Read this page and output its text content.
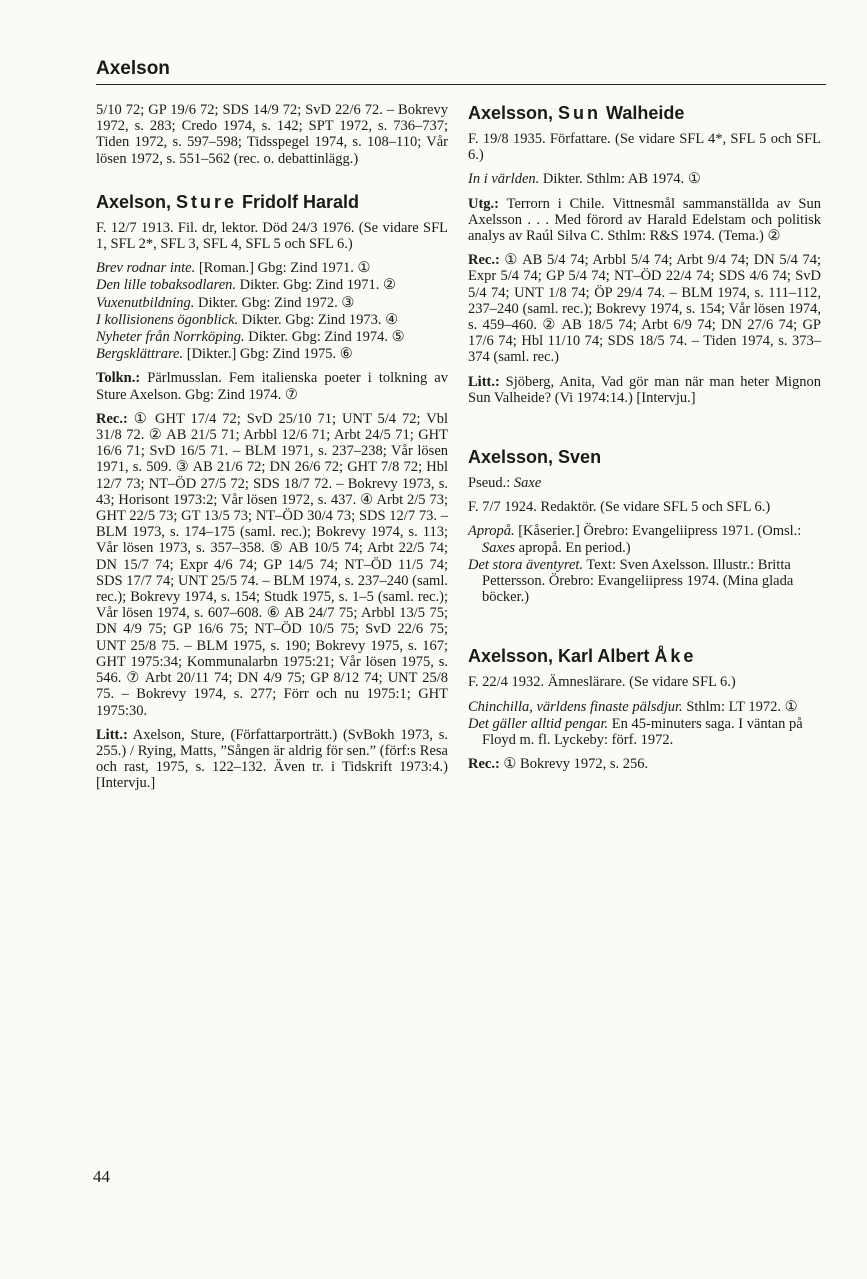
Axelson

5/10 72; GP 19/6 72; SDS 14/9 72; SvD 22/6 72. – Bokrevy 1972, s. 283; Credo 1974, s. 142; SPT 1972, s. 736–737; Tiden 1972, s. 597–598; Tidsspegel 1974, s. 108–110; Vår lösen 1972, s. 551–562 (rec. o. debattinlägg.)

Axelson, Sture Fridolf Harald

F. 12/7 1913. Fil. dr, lektor. Död 24/3 1976. (Se vidare SFL 1, SFL 2*, SFL 3, SFL 4, SFL 5 och SFL 6.)

Brev rodnar inte. [Roman.] Gbg: Zind 1971. ①

Den lille tobaksodlaren. Dikter. Gbg: Zind 1971. ②

Vuxenutbildning. Dikter. Gbg: Zind 1972. ③

I kollisionens ögonblick. Dikter. Gbg: Zind 1973. ④

Nyheter från Norrköping. Dikter. Gbg: Zind 1974. ⑤

Bergsklättrare. [Dikter.] Gbg: Zind 1975. ⑥

Tolkn.: Pärlmusslan. Fem italienska poeter i tolkning av Sture Axelson. Gbg: Zind 1974. ⑦

Rec.: ① GHT 17/4 72; SvD 25/10 71; UNT 5/4 72; Vbl 31/8 72. ② AB 21/5 71; Arbbl 12/6 71; Arbt 24/5 71; GHT 16/6 71; SvD 16/5 71. – BLM 1971, s. 237–238; Vår lösen 1971, s. 509. ③ AB 21/6 72; DN 26/6 72; GHT 7/8 72; Hbl 12/7 73; NT–ÖD 27/5 72; SDS 18/7 72. – Bokrevy 1973, s. 43; Horisont 1973:2; Vår lösen 1972, s. 437. ④ Arbt 2/5 73; GHT 22/5 73; GT 13/5 73; NT–ÖD 30/4 73; SDS 12/7 73. – BLM 1973, s. 174–175 (saml. rec.); Bokrevy 1974, s. 113; Vår lösen 1973, s. 357–358. ⑤ AB 10/5 74; Arbt 22/5 74; DN 15/7 74; Expr 4/6 74; GP 14/5 74; NT–ÖD 11/5 74; SDS 17/7 74; UNT 25/5 74. – BLM 1974, s. 237–240 (saml. rec.); Bokrevy 1974, s. 154; Studk 1975, s. 1–5 (saml. rec.); Vår lösen 1974, s. 607–608. ⑥ AB 24/7 75; Arbbl 13/5 75; DN 4/9 75; GP 16/6 75; NT–ÖD 10/5 75; SvD 22/6 75; UNT 25/8 75. – BLM 1975, s. 190; Bokrevy 1975, s. 167; GHT 1975:34; Kommunalarbn 1975:21; Vår lösen 1975, s. 546. ⑦ Arbt 20/11 74; DN 4/9 75; GP 8/12 74; UNT 25/8 75. – Bokrevy 1974, s. 277; Förr och nu 1975:1; GHT 1975:30.

Litt.: Axelson, Sture, (Författarporträtt.) (SvBokh 1973, s. 255.) / Rying, Matts, ”Sången är aldrig för sen.” (förf:s Resa och rast, 1975, s. 122–132. Även tr. i Tidskrift 1973:4.) [Intervju.]

Axelsson, Sun Walheide

F. 19/8 1935. Författare. (Se vidare SFL 4*, SFL 5 och SFL 6.)

In i världen. Dikter. Sthlm: AB 1974. ①

Utg.: Terrorn i Chile. Vittnesmål sammanställda av Sun Axelsson . . . Med förord av Harald Edelstam och politisk analys av Raúl Silva C. Sthlm: R&S 1974. (Tema.) ②

Rec.: ① AB 5/4 74; Arbbl 5/4 74; Arbt 9/4 74; DN 5/4 74; Expr 5/4 74; GP 5/4 74; NT–ÖD 22/4 74; SDS 4/6 74; SvD 5/4 74; UNT 1/8 74; ÖP 29/4 74. – BLM 1974, s. 111–112, 237–240 (saml. rec.); Bokrevy 1974, s. 154; Vår lösen 1974, s. 459–460. ② AB 18/5 74; Arbt 6/9 74; DN 27/6 74; GP 17/6 74; Hbl 11/10 74; SDS 18/5 74. – Tiden 1974, s. 373–374 (saml. rec.)

Litt.: Sjöberg, Anita, Vad gör man när man heter Mignon Sun Valheide? (Vi 1974:14.) [Intervju.]

Axelsson, Sven

Pseud.: Saxe

F. 7/7 1924. Redaktör. (Se vidare SFL 5 och SFL 6.)

Apropå. [Kåserier.] Örebro: Evangeliipress 1971. (Omsl.: Saxes apropå. En period.)

Det stora äventyret. Text: Sven Axelsson. Illustr.: Britta Pettersson. Örebro: Evangeliipress 1974. (Mina glada böcker.)

Axelsson, Karl Albert Åke

F. 22/4 1932. Ämneslärare. (Se vidare SFL 6.)

Chinchilla, världens finaste pälsdjur. Sthlm: LT 1972. ①

Det gäller alltid pengar. En 45-minuters saga. I väntan på Floyd m. fl. Lyckeby: förf. 1972.

Rec.: ① Bokrevy 1972, s. 256.

44
